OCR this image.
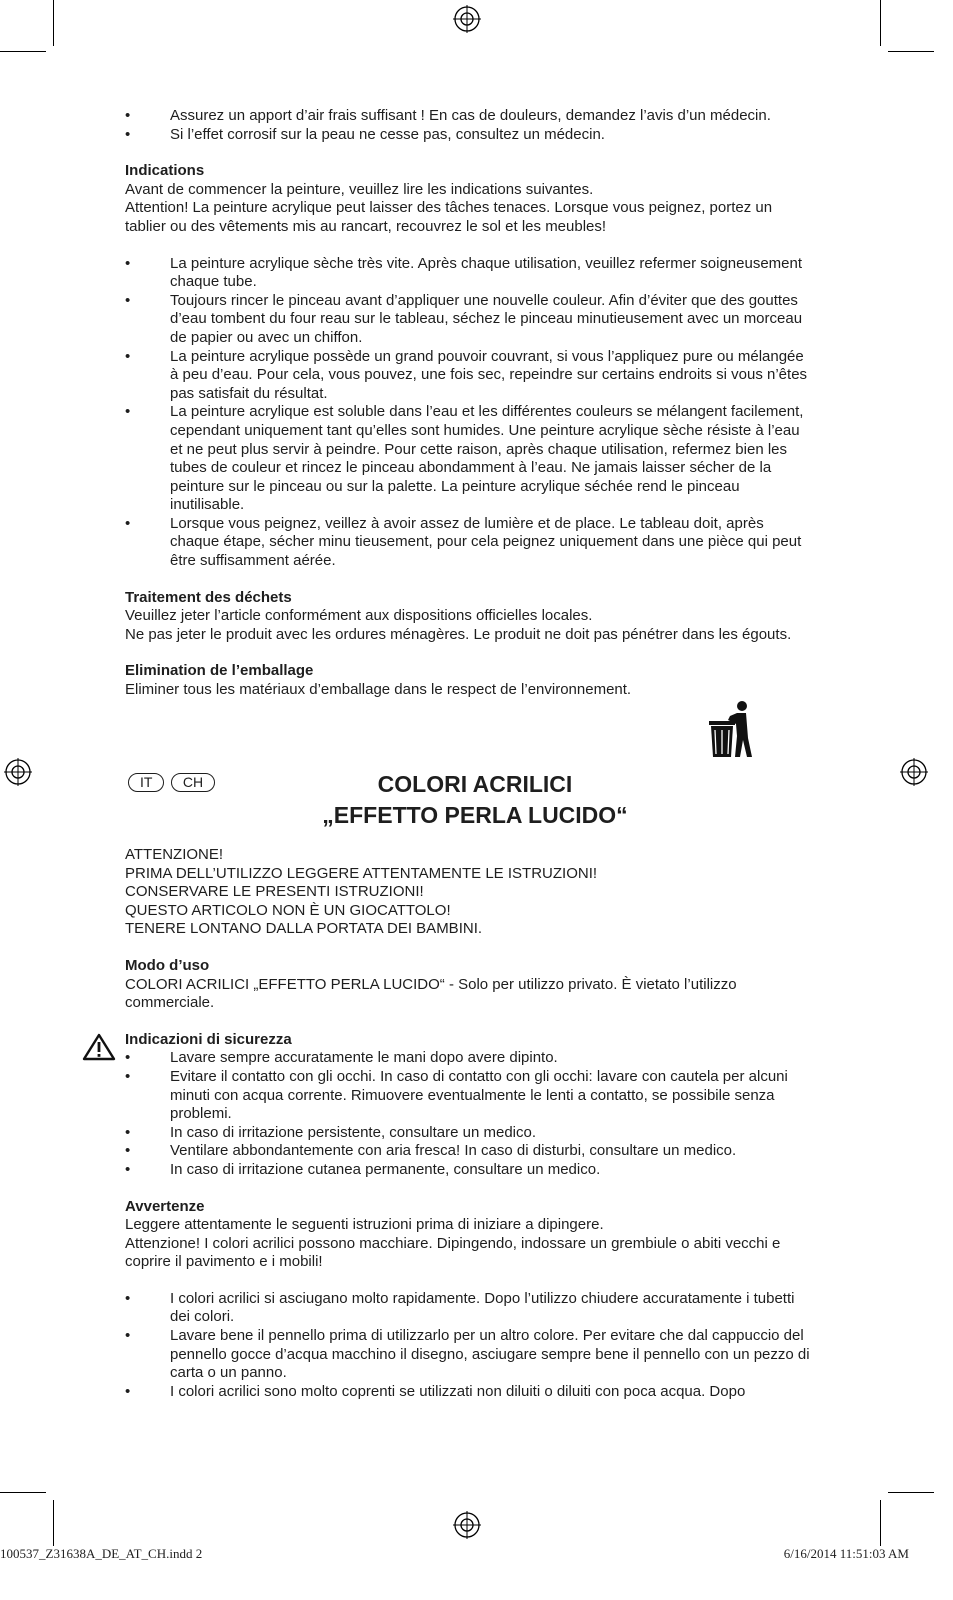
• Assurez un apport d’air frais suffisant ! En cas de douleurs, demandez l’avis d’un médecin.
• Si l’effet corrosif sur la peau ne cesse pas, consultez un médecin.

Indications

Avant de commencer la peinture, veuillez lire les indications suivantes.

Attention! La peinture acrylique peut laisser des tâches tenaces. Lorsque vous peignez, portez un tablier ou des vêtements mis au rancart, recouvrez le sol et les meubles!

• La peinture acrylique sèche très vite. Après chaque utilisation, veuillez refermer soigneusement chaque tube.
• Toujours rincer le pinceau avant d’appliquer une nouvelle couleur. Afin d’éviter que des gouttes d’eau tombent du four reau sur le tableau, séchez le pinceau minutieusement avec un morceau de papier ou avec un chiffon.
• La peinture acrylique possède un grand pouvoir couvrant, si vous l’appliquez pure ou mélangée à peu d’eau. Pour cela, vous pouvez, une fois sec, repeindre sur certains endroits si vous n’êtes pas satisfait du résultat.
• La peinture acrylique est soluble dans l’eau et les différentes couleurs se mélangent facilement, cependant uniquement tant qu’elles sont humides. Une peinture acrylique sèche résiste à l’eau et ne peut plus servir à peindre. Pour cette raison, après chaque utilisation, refermez bien les tubes de couleur et rincez le pinceau abondamment à l’eau. Ne jamais laisser sécher de la
peinture sur le pinceau ou sur la palette. La peinture acrylique séchée rend le pinceau inutilisable.
• Lorsque vous peignez, veillez à avoir assez de lumière et de place. Le tableau doit, après chaque étape, sécher minu tieusement, pour cela peignez uniquement dans une pièce qui peut être suffisamment aérée.

Traitement des déchets

Veuillez jeter l’article conformément aux dispositions officielles locales.

Ne pas jeter le produit avec les ordures ménagères. Le produit ne doit pas pénétrer dans les égouts.

Elimination de l’emballage

Eliminer tous les matériaux d’emballage dans le respect de l’environnement.

IT CH	COLORI ACRILICI
„EFFETTO PERLA LUCIDO“

ATTENZIONE!

PRIMA DELL’UTILIZZO LEGGERE ATTENTAMENTE LE ISTRUZIONI!

CONSERVARE LE PRESENTI ISTRUZIONI!

QUESTO ARTICOLO NON È UN GIOCATTOLO!

TENERE LONTANO DALLA PORTATA DEI BAMBINI.

Modo d’uso

COLORI ACRILICI „EFFETTO PERLA LUCIDO“ - Solo per utilizzo privato. È vietato l’utilizzo commerciale.

Indicazioni di sicurezza

• Lavare sempre accuratamente le mani dopo avere dipinto.
• Evitare il contatto con gli occhi. In caso di contatto con gli occhi: lavare con cautela per alcuni minuti con acqua corrente. Rimuovere eventualmente le lenti a contatto, se possibile senza problemi.
• In caso di irritazione persistente, consultare un medico.
• Ventilare abbondantemente con aria fresca! In caso di disturbi, consultare un medico.
• In caso di irritazione cutanea permanente, consultare un medico.

Avvertenze

Leggere attentamente le seguenti istruzioni prima di iniziare a dipingere.

Attenzione! I colori acrilici possono macchiare. Dipingendo, indossare un grembiule o abiti vecchi e coprire il pavimento e i mobili!

• I colori acrilici si asciugano molto rapidamente. Dopo l’utilizzo chiudere accuratamente i tubetti dei colori.
• Lavare bene il pennello prima di utilizzarlo per un altro colore. Per evitare che dal cappuccio del pennello gocce d’acqua macchino il disegno, asciugare sempre bene il pennello con un pezzo di carta o un panno.
• I colori acrilici sono molto coprenti se utilizzati non diluiti o diluiti con poca acqua. Dopo
100537_Z31638A_DE_AT_CH.indd 2	6/16/2014 11:51:03 AM
